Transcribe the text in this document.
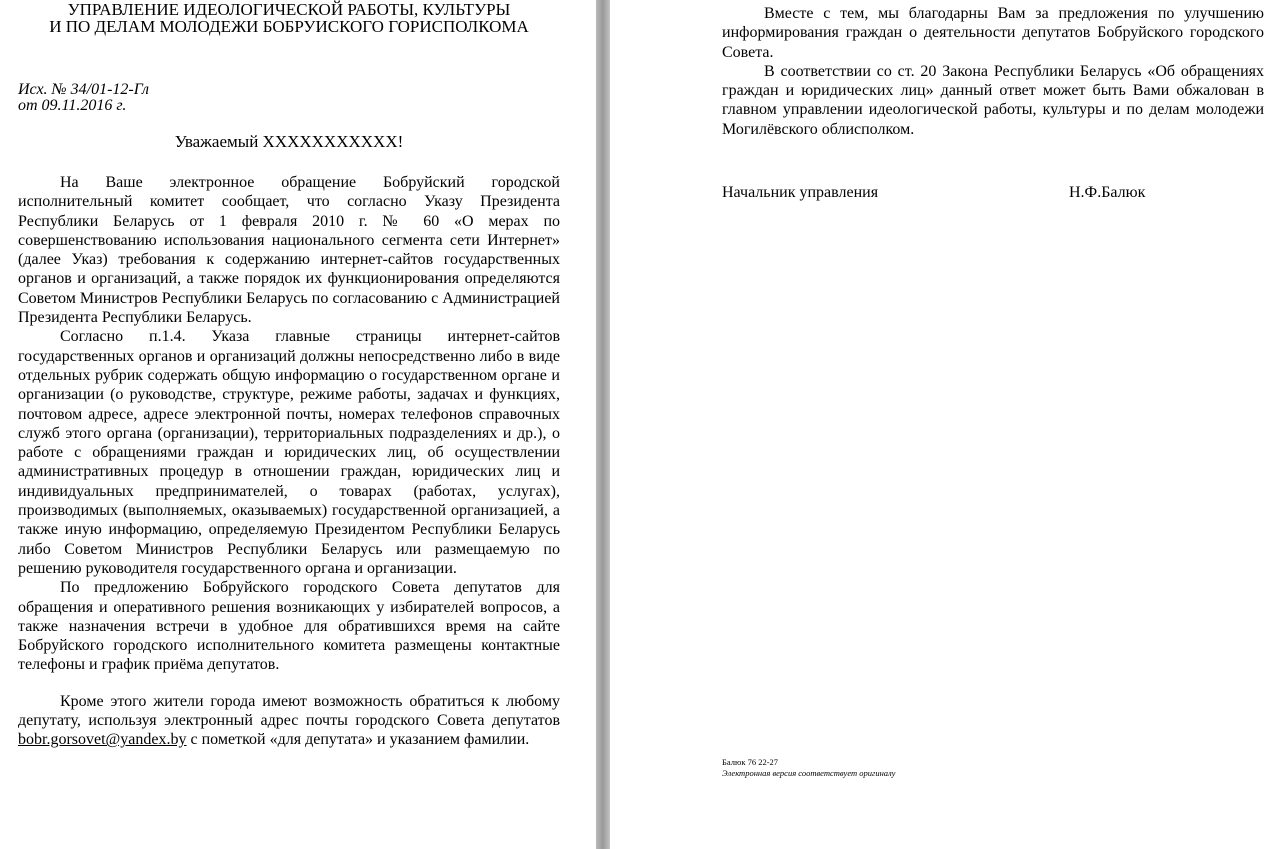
УПРАВЛЕНИЕ ИДЕОЛОГИЧЕСКОЙ РАБОТЫ, КУЛЬТУРЫ
И ПО ДЕЛАМ МОЛОДЕЖИ БОБРУИСКОГО ГОРИСПОЛКОМА
Исх. № 34/01-12-Гл
от 09.11.2016 г.
Уважаемый XXXXXXXXXXX!

На Ваше электронное обращение Бобруйский городской исполнительный комитет сообщает, что согласно Указу Президента Республики Беларусь от 1 февраля 2010 г. № 60 «О мерах по совершенствованию использования национального сегмента сети Интернет» (далее Указ) требования к содержанию интернет-сайтов государственных органов и организаций, а также порядок их функционирования определяются Советом Министров Республики Беларусь по согласованию с Администрацией Президента Республики Беларусь.

Согласно п.1.4. Указа главные страницы интернет-сайтов государственных органов и организаций должны непосредственно либо в виде отдельных рубрик содержать общую информацию о государственном органе и организации (о руководстве, структуре, режиме работы, задачах и функциях, почтовом адресе, адресе электронной почты, номерах телефонов справочных служб этого органа (организации), территориальных подразделениях и др.), о работе с обращениями граждан и юридических лиц, об осуществлении административных процедур в отношении граждан, юридических лиц и индивидуальных предпринимателей, о товарах (работах, услугах), производимых (выполняемых, оказываемых) государственной организацией, а также иную информацию, определяемую Президентом Республики Беларусь либо Советом Министров Республики Беларусь или размещаемую по решению руководителя государственного органа и организации.

По предложению Бобруйского городского Совета депутатов для обращения и оперативного решения возникающих у избирателей вопросов, а также назначения встречи в удобное для обратившихся время на сайте Бобруйского городского исполнительного комитета размещены контактные телефоны и график приёма депутатов.

Кроме этого жители города имеют возможность обратиться к любому депутату, используя электронный адрес почты городского Совета депутатов bobr.gorsovet@yandex.by с пометкой «для депутата» и указанием фамилии.

Вместе с тем, мы благодарны Вам за предложения по улучшению информирования граждан о деятельности депутатов Бобруйского городского Совета.

В соответствии со ст. 20 Закона Республики Беларусь «Об обращениях граждан и юридических лиц» данный ответ может быть Вами обжалован в главном управлении идеологической работы, культуры и по делам молодежи Могилёвского облисполком.

Начальник управления	Н.Ф.Балюк
Балюк 76 22-27
Электронная версия соответствует оригиналу
